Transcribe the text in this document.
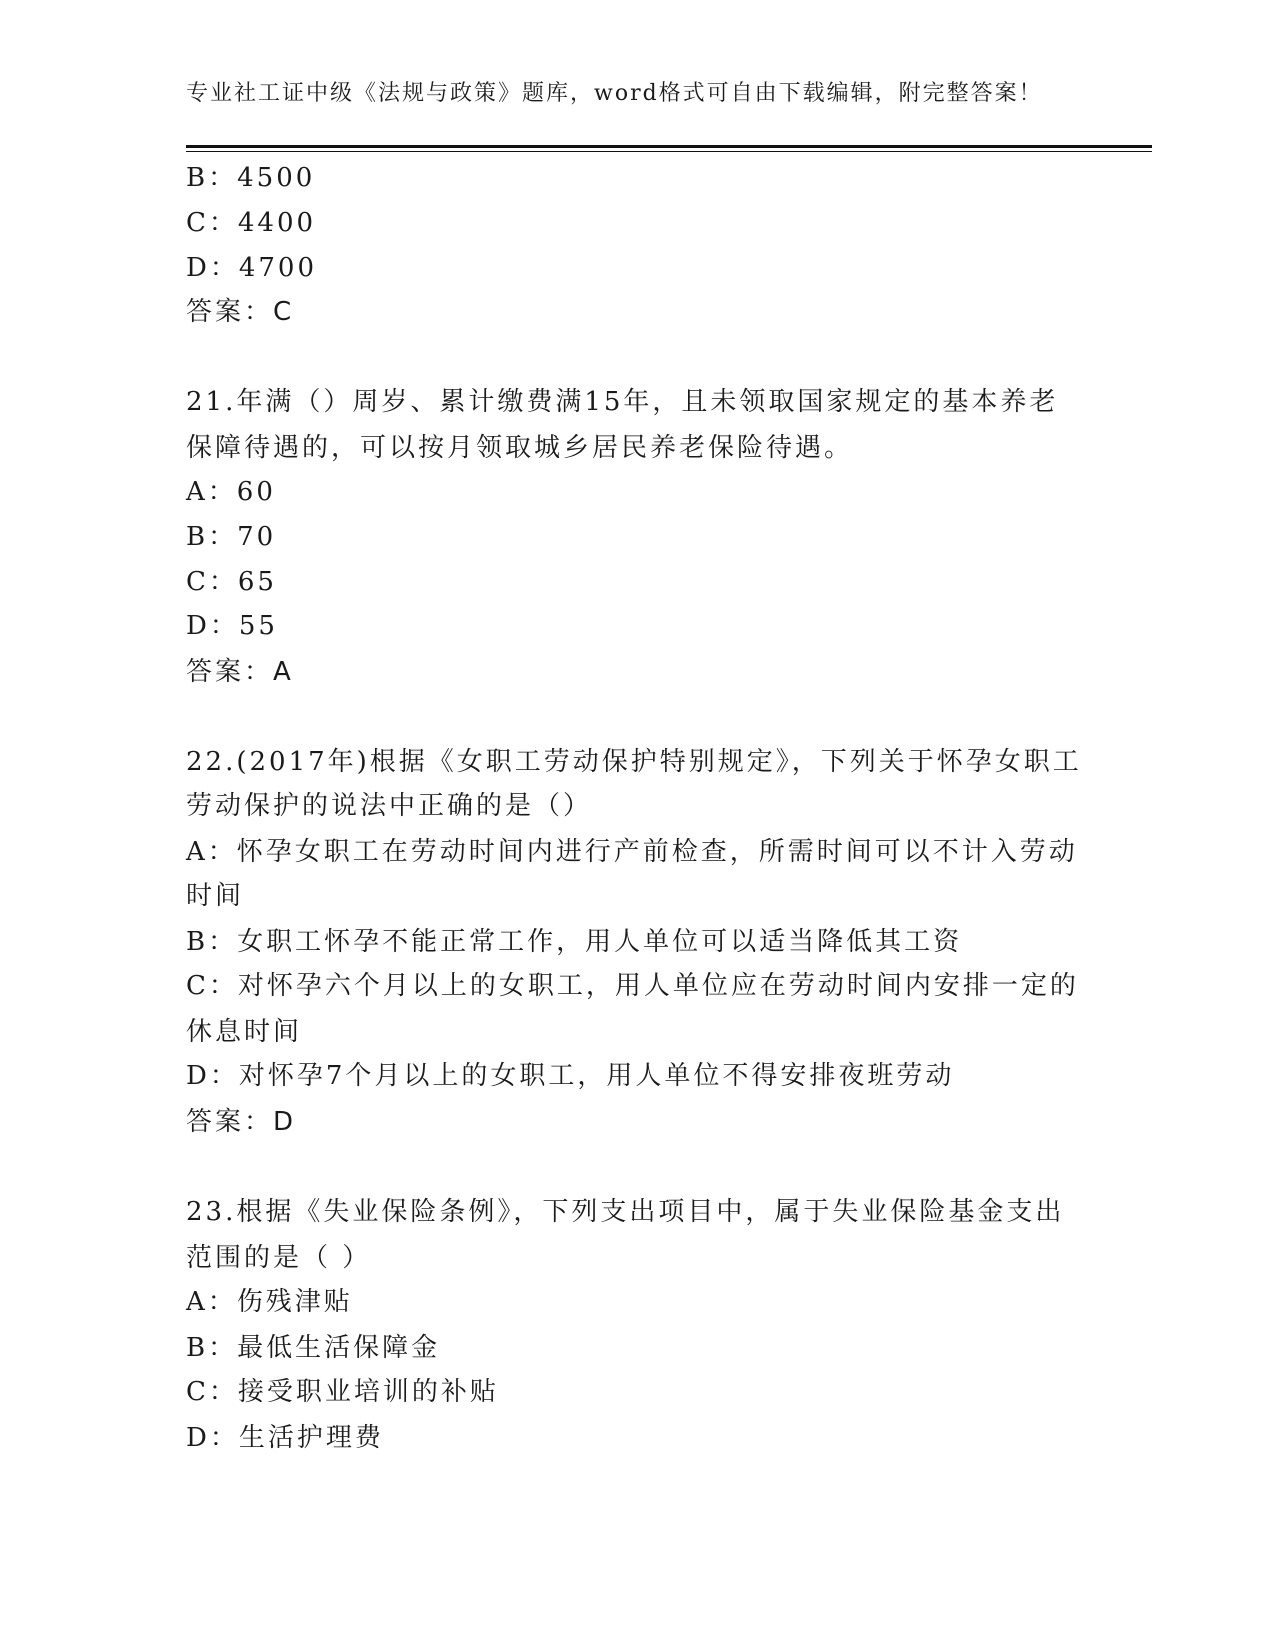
专业社工证中级《法规与政策》题库，word格式可自由下载编辑，附完整答案！
B：4500
C：4400
D：4700
答案：C
21.年满（）周岁、累计缴费满15年，且未领取国家规定的基本养老
保障待遇的，可以按月领取城乡居民养老保险待遇。
A：60
B：70
C：65
D：55
答案：A
22.(2017年)根据《女职工劳动保护特别规定》，下列关于怀孕女职工
劳动保护的说法中正确的是（）
A：怀孕女职工在劳动时间内进行产前检查，所需时间可以不计入劳动
时间
B：女职工怀孕不能正常工作，用人单位可以适当降低其工资
C：对怀孕六个月以上的女职工，用人单位应在劳动时间内安排一定的
休息时间
D：对怀孕7个月以上的女职工，用人单位不得安排夜班劳动
答案：D
23.根据《失业保险条例》，下列支出项目中，属于失业保险基金支出
范围的是（ ）
A：伤残津贴
B：最低生活保障金
C：接受职业培训的补贴
D：生活护理费
